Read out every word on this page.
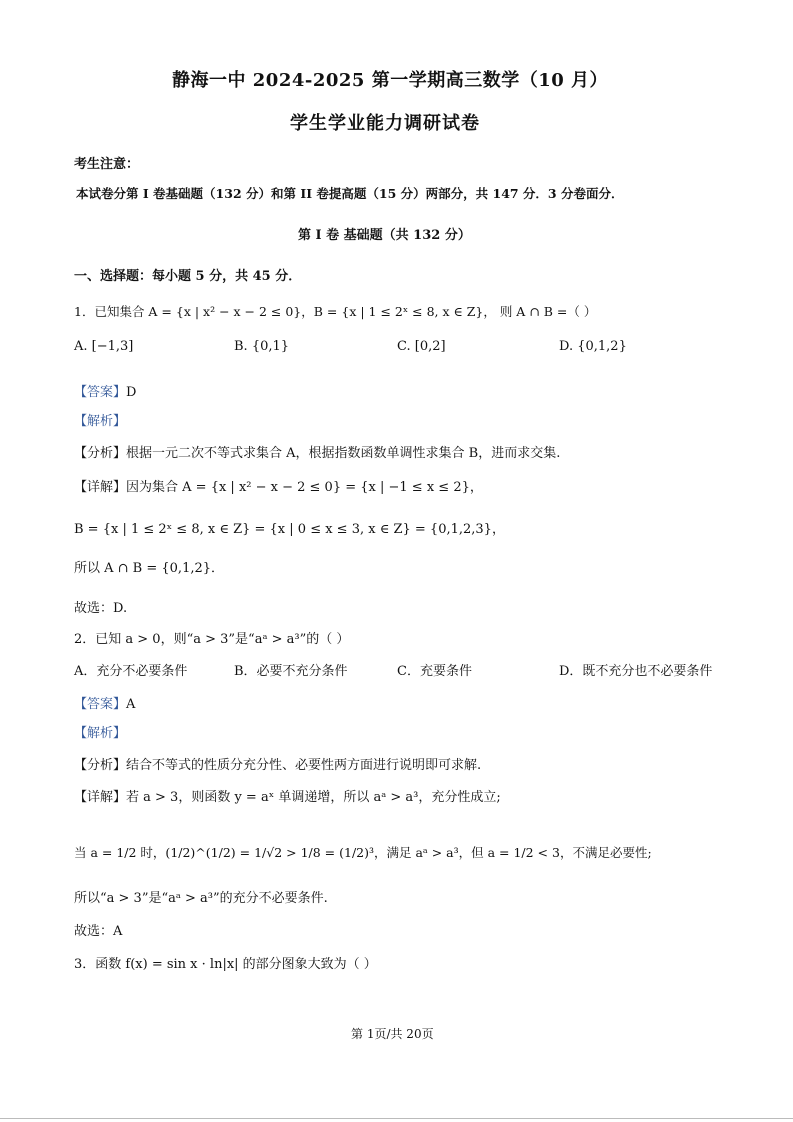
静海一中 2024-2025 第一学期高三数学（10 月）
学生学业能力调研试卷
考生注意：
本试卷分第 I 卷基础题（132 分）和第 II 卷提高题（15 分）两部分，共 147 分．3 分卷面分．
第 I 卷 基础题（共 132 分）
一、选择题：每小题 5 分，共 45 分．
1．已知集合 A = {x | x² − x − 2 ≤ 0}，B = {x | 1 ≤ 2ˣ ≤ 8, x ∈ Z}， 则 A ∩ B =（ ）
A. [−1,3]	B. {0,1}	C. [0,2]	D. {0,1,2}
【答案】D
【解析】
【分析】根据一元二次不等式求集合 A，根据指数函数单调性求集合 B，进而求交集.
【详解】因为集合 A = {x | x² − x − 2 ≤ 0} = {x | −1 ≤ x ≤ 2}，
B = {x | 1 ≤ 2ˣ ≤ 8, x ∈ Z} = {x | 0 ≤ x ≤ 3, x ∈ Z} = {0,1,2,3}，
所以 A ∩ B = {0,1,2}．
故选：D.
2．已知 a > 0，则“a > 3”是“aᵃ > a³”的（ ）
A．充分不必要条件	B．必要不充分条件	C．充要条件	D．既不充分也不必要条件
【答案】A
【解析】
【分析】结合不等式的性质分充分性、必要性两方面进行说明即可求解.
【详解】若 a > 3，则函数 y = aˣ 单调递增，所以 aᵃ > a³，充分性成立;
当 a = 1/2 时，(1/2)^(1/2) = 1/√2 > 1/8 = (1/2)³，满足 aᵃ > a³，但 a = 1/2 < 3，不满足必要性;
所以“a > 3”是“aᵃ > a³”的充分不必要条件.
故选：A
3．函数 f(x) = sin x · ln|x| 的部分图象大致为（ ）
第 1页/共 20页
